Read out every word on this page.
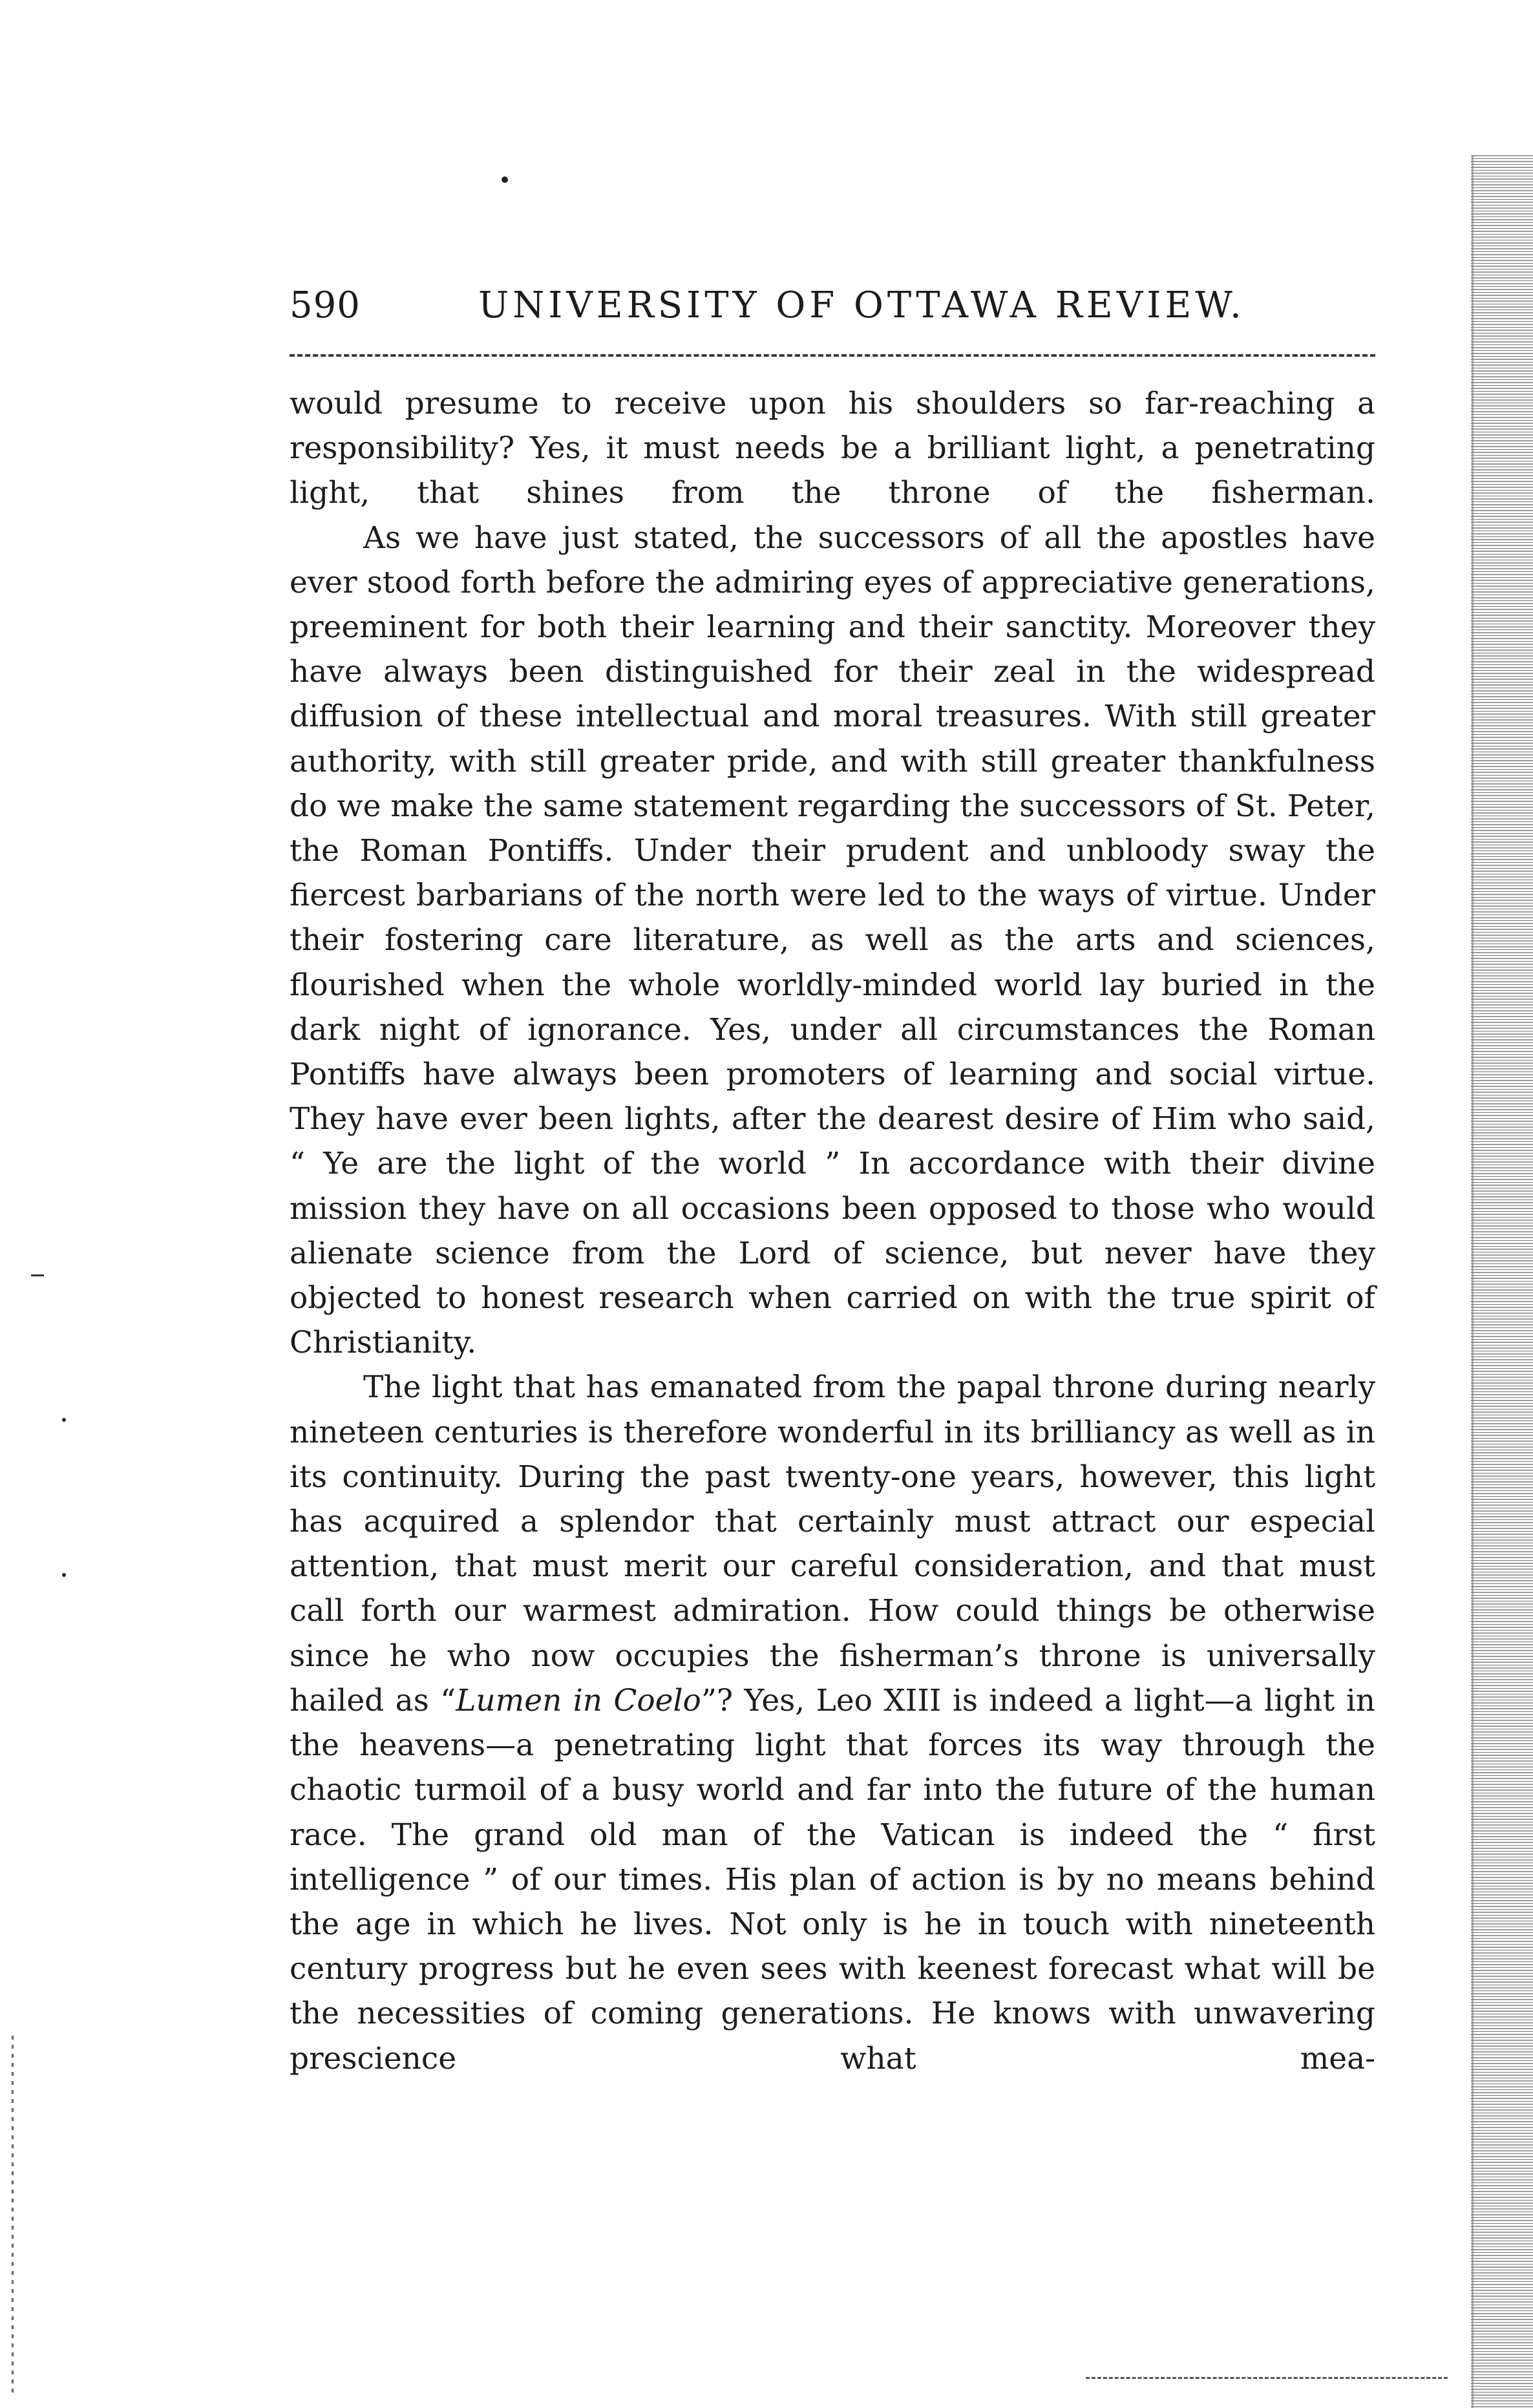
590	UNIVERSITY OF OTTAWA REVIEW.

would presume to receive upon his shoulders so far-reaching a responsibility? Yes, it must needs be a brilliant light, a penetrating light, that shines from the throne of the fisherman.

As we have just stated, the successors of all the apostles have ever stood forth before the admiring eyes of appreciative generations, preeminent for both their learning and their sanctity. Moreover they have always been distinguished for their zeal in the widespread diffusion of these intellectual and moral treasures. With still greater authority, with still greater pride, and with still greater thankfulness do we make the same statement regarding the successors of St. Peter, the Roman Pontiffs. Under their prudent and unbloody sway the fiercest barbarians of the north were led to the ways of virtue. Under their fostering care literature, as well as the arts and sciences, flourished when the whole worldly-minded world lay buried in the dark night of ignorance. Yes, under all circumstances the Roman Pontiffs have always been promoters of learning and social virtue. They have ever been lights, after the dearest desire of Him who said, “ Ye are the light of the world ” In accordance with their divine mission they have on all occasions been opposed to those who would alienate science from the Lord of science, but never have they objected to honest research when carried on with the true spirit of Christianity.

The light that has emanated from the papal throne during nearly nineteen centuries is therefore wonderful in its brilliancy as well as in its continuity. During the past twenty-one years, however, this light has acquired a splendor that certainly must attract our especial attention, that must merit our careful consideration, and that must call forth our warmest admiration. How could things be otherwise since he who now occupies the fisherman’s throne is universally hailed as “Lumen in Coelo”? Yes, Leo XIII is indeed a light—a light in the heavens—a penetrating light that forces its way through the chaotic turmoil of a busy world and far into the future of the human race. The grand old man of the Vatican is indeed the “ first intelligence ” of our times. His plan of action is by no means behind the age in which he lives. Not only is he in touch with nineteenth century progress but he even sees with keenest forecast what will be the necessities of coming generations. He knows with unwavering prescience what mea-
